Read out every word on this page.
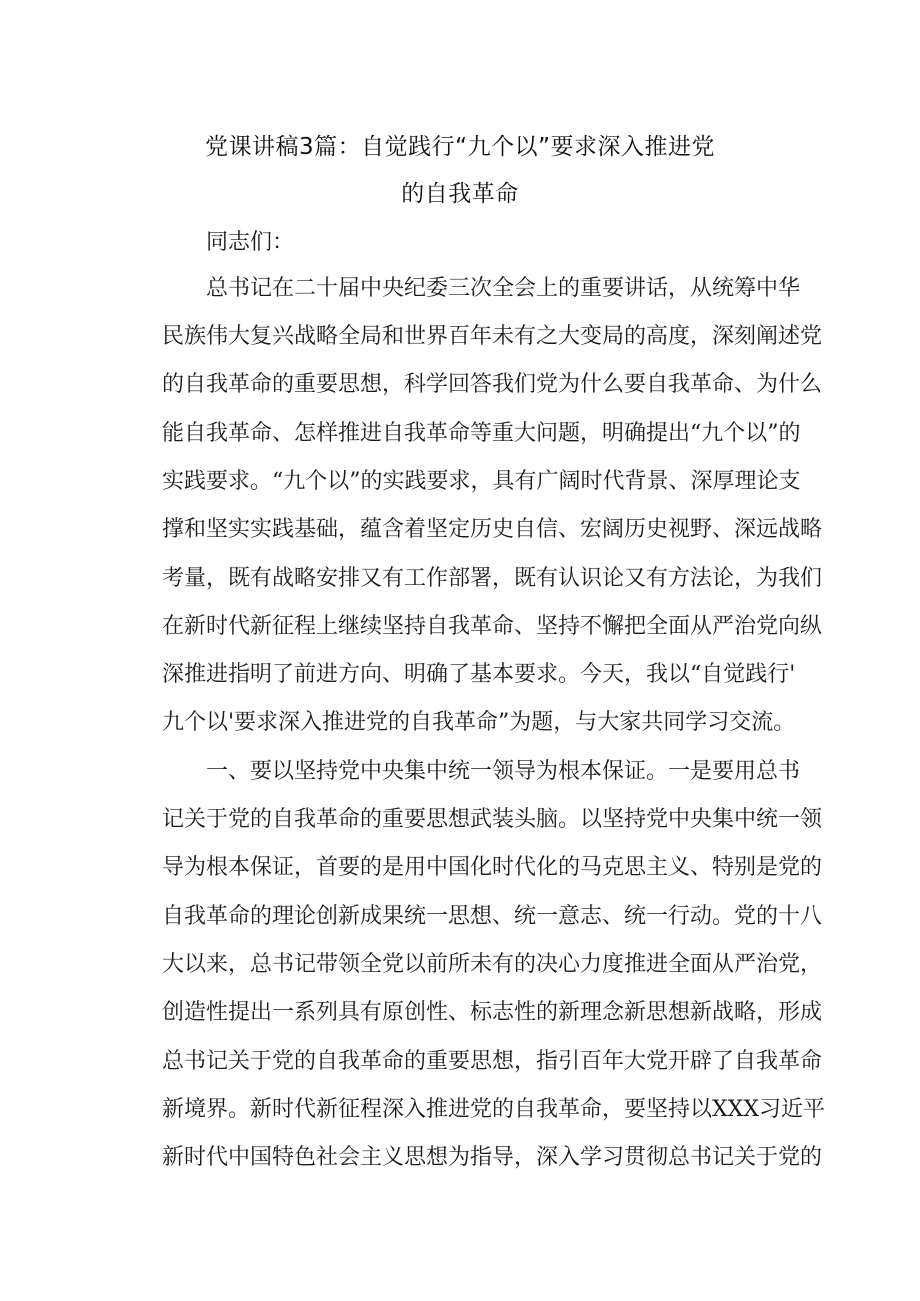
党课讲稿3篇：自觉践行“九个以”要求深入推进党
的自我革命

同志们：

总书记在二十届中央纪委三次全会上的重要讲话，从统筹中华

民族伟大复兴战略全局和世界百年未有之大变局的高度，深刻阐述党

的自我革命的重要思想，科学回答我们党为什么要自我革命、为什么

能自我革命、怎样推进自我革命等重大问题，明确提出“九个以”的

实践要求。“九个以”的实践要求，具有广阔时代背景、深厚理论支

撑和坚实实践基础，蕴含着坚定历史自信、宏阔历史视野、深远战略

考量，既有战略安排又有工作部署，既有认识论又有方法论，为我们

在新时代新征程上继续坚持自我革命、坚持不懈把全面从严治党向纵

深推进指明了前进方向、明确了基本要求。今天，我以“自觉践行'

九个以'要求深入推进党的自我革命”为题，与大家共同学习交流。

一、要以坚持党中央集中统一领导为根本保证。一是要用总书

记关于党的自我革命的重要思想武装头脑。以坚持党中央集中统一领

导为根本保证，首要的是用中国化时代化的马克思主义、特别是党的

自我革命的理论创新成果统一思想、统一意志、统一行动。党的十八

大以来，总书记带领全党以前所未有的决心力度推进全面从严治党，

创造性提出一系列具有原创性、标志性的新理念新思想新战略，形成

总书记关于党的自我革命的重要思想，指引百年大党开辟了自我革命

新境界。新时代新征程深入推进党的自我革命，要坚持以XXX习近平

新时代中国特色社会主义思想为指导，深入学习贯彻总书记关于党的
